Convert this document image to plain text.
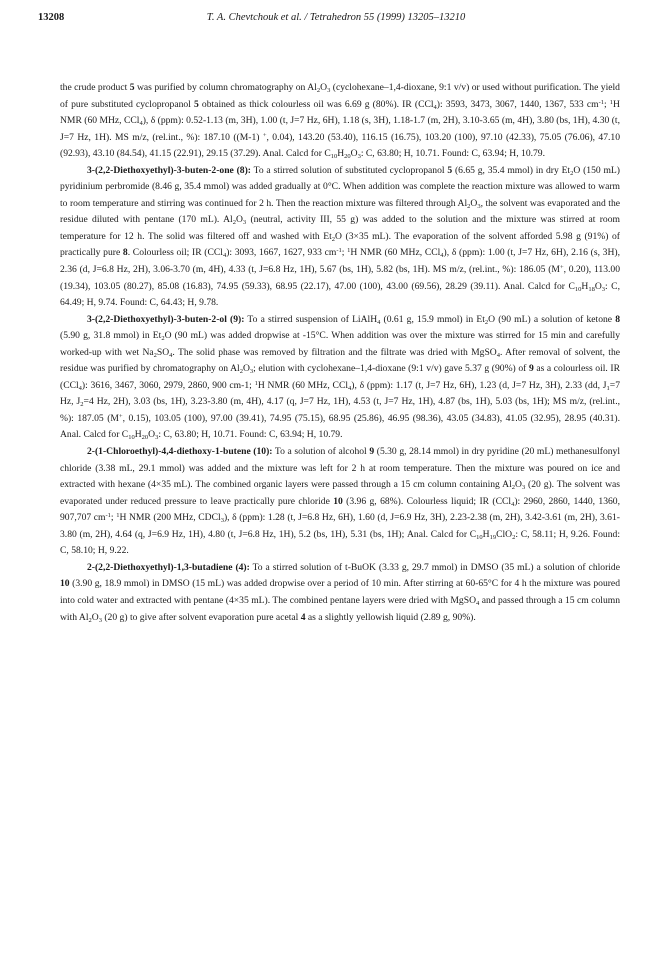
13208	T. A. Chevtchouk et al. / Tetrahedron 55 (1999) 13205–13210

the crude product 5 was purified by column chromatography on $Al_2O_3$ (cyclohexane–1,4-dioxane, 9:1 v/v) or used without purification. The yield of pure substituted cyclopropanol 5 obtained as thick colourless oil was 6.69 g (80%). IR (CCl$_4$): 3593, 3473, 3067, 1440, 1367, 533 $cm^{-1}$; $^1$H NMR (60 MHz, CCl$_4$), δ (ppm): 0.52-1.13 (m, 3H), 1.00 (t, J=7 Hz, 6H), 1.18 (s, 3H), 1.18-1.7 (m, 2H), 3.10-3.65 (m, 4H), 3.80 (bs, 1H), 4.30 (t, J=7 Hz, 1H). MS m/z, (rel.int., %): 187.10 ((M-1) +, 0.04), 143.20 (53.40), 116.15 (16.75), 103.20 (100), 97.10 (42.33), 75.05 (76.06), 47.10 (92.93), 43.10 (84.54), 41.15 (22.91), 29.15 (37.29). Anal. Calcd for $C_{10}H_{20}O_3$: C, 63.80; H, 10.71. Found: C, 63.94; H, 10.79.

3-(2,2-Diethoxyethyl)-3-buten-2-one (8): To a stirred solution of substituted cyclopropanol 5 (6.65 g, 35.4 mmol) in dry $Et_2O$ (150 mL) pyridinium perbromide (8.46 g, 35.4 mmol) was added gradually at 0°C. When addition was complete the reaction mixture was allowed to warm to room temperature and stirring was continued for 2 h. Then the reaction mixture was filtered through $Al_2O_3$, the solvent was evaporated and the residue diluted with pentane (170 mL). $Al_2O_3$ (neutral, activity III, 55 g) was added to the solution and the mixture was stirred at room temperature for 12 h. The solid was filtered off and washed with $Et_2O$ (3×35 mL). The evaporation of the solvent afforded 5.98 g (91%) of practically pure 8. Colourless oil; IR (CCl$_4$): 3093, 1667, 1627, 933 $cm^{-1}$; $^1$H NMR (60 MHz, CCl$_4$), δ (ppm): 1.00 (t, J=7 Hz, 6H), 2.16 (s, 3H), 2.36 (d, J=6.8 Hz, 2H), 3.06-3.70 (m, 4H), 4.33 (t, J=6.8 Hz, 1H), 5.67 (bs, 1H), 5.82 (bs, 1H). MS m/z, (rel.int., %): 186.05 (M+, 0.20), 113.00 (19.34), 103.05 (80.27), 85.08 (16.83), 74.95 (59.33), 68.95 (22.17), 47.00 (100), 43.00 (69.56), 28.29 (39.11). Anal. Calcd for $C_{10}H_{18}O_3$: C, 64.49; H, 9.74. Found: C, 64.43; H, 9.78.

3-(2,2-Diethoxyethyl)-3-buten-2-ol (9): To a stirred suspension of LiAlH$_4$ (0.61 g, 15.9 mmol) in $Et_2O$ (90 mL) a solution of ketone 8 (5.90 g, 31.8 mmol) in $Et_2O$ (90 mL) was added dropwise at -15°C. When addition was over the mixture was stirred for 15 min and carefully worked-up with wet $Na_2SO_4$. The solid phase was removed by filtration and the filtrate was dried with MgSO$_4$. After removal of solvent, the residue was purified by chromatography on $Al_2O_3$; elution with cyclohexane–1,4-dioxane (9:1 v/v) gave 5.37 g (90%) of 9 as a colourless oil. IR (CCl$_4$): 3616, 3467, 3060, 2979, 2860, 900 cm-1; $^1$H NMR (60 MHz, CCl$_4$), δ (ppm): 1.17 (t, J=7 Hz, 6H), 1.23 (d, J=7 Hz, 3H), 2.33 (dd, $J_1=7$ Hz, $J_2=4$ Hz, 2H), 3.03 (bs, 1H), 3.23-3.80 (m, 4H), 4.17 (q, J=7 Hz, 1H), 4.53 (t, J=7 Hz, 1H), 4.87 (bs, 1H), 5.03 (bs, 1H); MS m/z, (rel.int., %): 187.05 (M+, 0.15), 103.05 (100), 97.00 (39.41), 74.95 (75.15), 68.95 (25.86), 46.95 (98.36), 43.05 (34.83), 41.05 (32.95), 28.95 (40.31). Anal. Calcd for $C_{10}H_{20}O_3$: C, 63.80; H, 10.71. Found: C, 63.94; H, 10.79.

2-(1-Chloroethyl)-4,4-diethoxy-1-butene (10): To a solution of alcohol 9 (5.30 g, 28.14 mmol) in dry pyridine (20 mL) methanesulfonyl chloride (3.38 mL, 29.1 mmol) was added and the mixture was left for 2 h at room temperature. Then the mixture was poured on ice and extracted with hexane (4×35 mL). The combined organic layers were passed through a 15 cm column containing $Al_2O_3$ (20 g). The solvent was evaporated under reduced pressure to leave practically pure chloride 10 (3.96 g, 68%). Colourless liquid; IR (CCl$_4$): 2960, 2860, 1440, 1360, 907,707 $cm^{-1}$; $^1$H NMR (200 MHz, CDCl$_3$), δ (ppm): 1.28 (t, J=6.8 Hz, 6H), 1.60 (d, J=6.9 Hz, 3H), 2.23-2.38 (m, 2H), 3.42-3.61 (m, 2H), 3.61-3.80 (m, 2H), 4.64 (q, J=6.9 Hz, 1H), 4.80 (t, J=6.8 Hz, 1H), 5.2 (bs, 1H), 5.31 (bs, 1H); Anal. Calcd for $C_{10}H_{19}ClO_2$: C, 58.11; H, 9.26. Found: C, 58.10; H, 9.22.

2-(2,2-Diethoxyethyl)-1,3-butadiene (4): To a stirred solution of t-BuOK (3.33 g, 29.7 mmol) in DMSO (35 mL) a solution of chloride 10 (3.90 g, 18.9 mmol) in DMSO (15 mL) was added dropwise over a period of 10 min. After stirring at 60-65°C for 4 h the mixture was poured into cold water and extracted with pentane (4×35 mL). The combined pentane layers were dried with MgSO$_4$ and passed through a 15 cm column with $Al_2O_3$ (20 g) to give after solvent evaporation pure acetal 4 as a slightly yellowish liquid (2.89 g, 90%).
